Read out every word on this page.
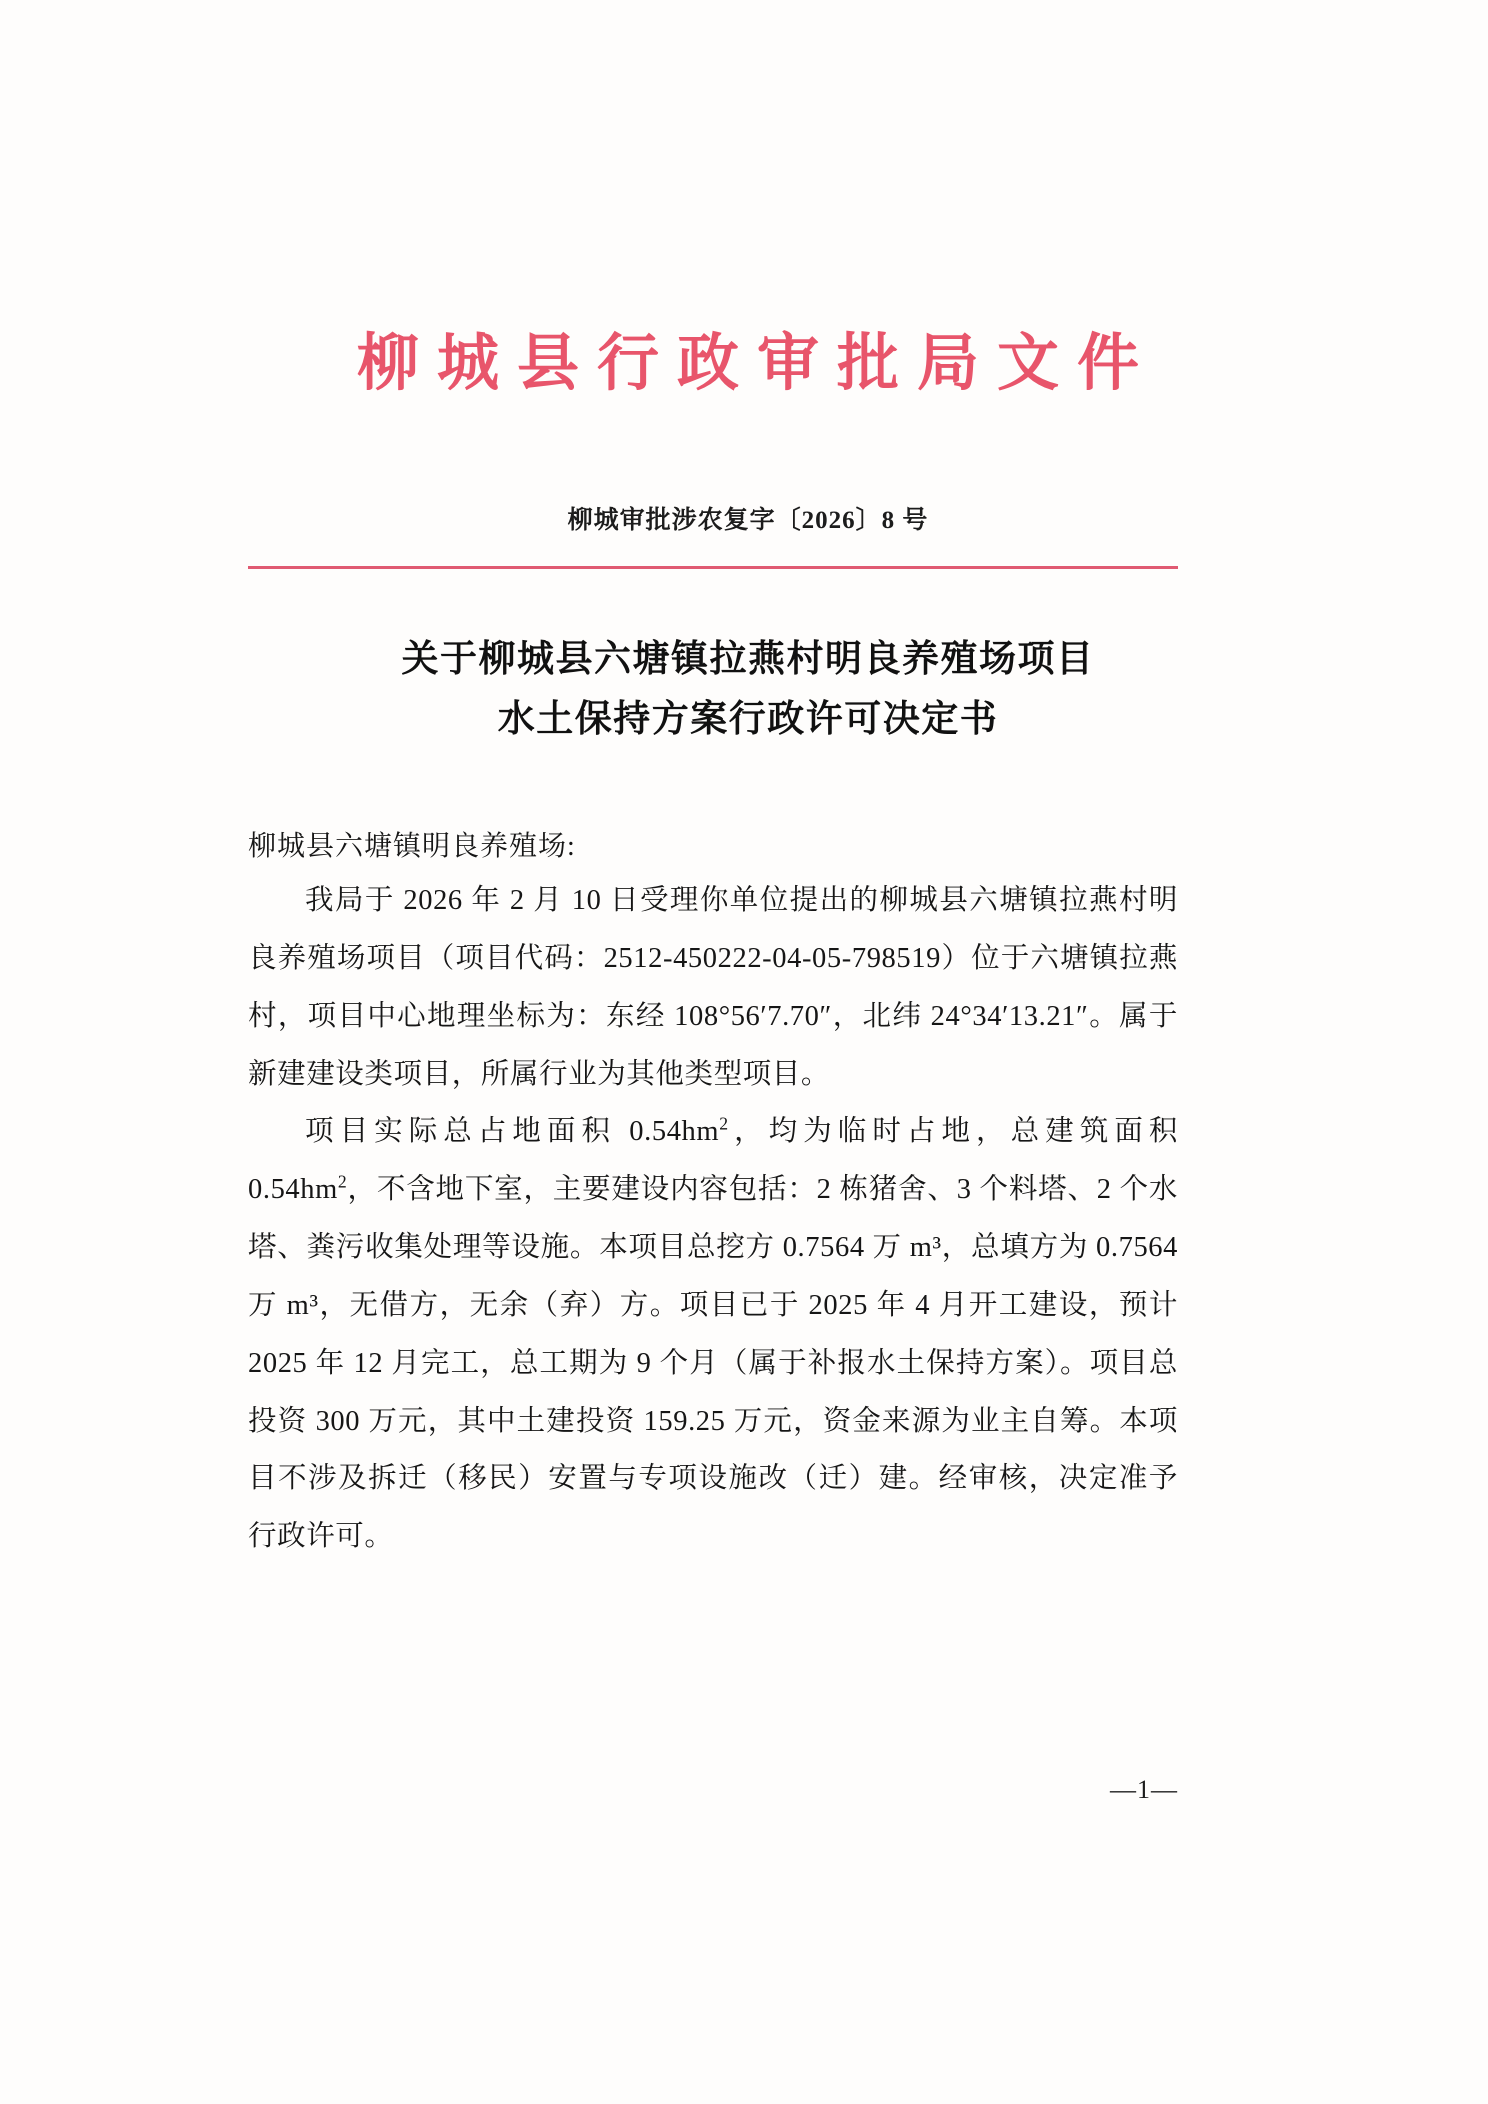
柳城县行政审批局文件
柳城审批涉农复字〔2026〕8 号
关于柳城县六塘镇拉燕村明良养殖场项目
水土保持方案行政许可决定书
柳城县六塘镇明良养殖场:

我局于 2026 年 2 月 10 日受理你单位提出的柳城县六塘镇拉燕村明良养殖场项目（项目代码：2512-450222-04-05-798519）位于六塘镇拉燕村，项目中心地理坐标为：东经 108°56′7.70″，北纬 24°34′13.21″。属于新建建设类项目，所属行业为其他类型项目。

项目实际总占地面积 $0.54hm^2$，均为临时占地，总建筑面积 $0.54hm^2$，不含地下室，主要建设内容包括：2 栋猪舍、3 个料塔、2 个水塔、粪污收集处理等设施。本项目总挖方 0.7564 万 m³，总填方为 0.7564 万 m³，无借方，无余（弃）方。项目已于 2025 年 4 月开工建设，预计 2025 年 12 月完工，总工期为 9 个月（属于补报水土保持方案）。项目总投资 300 万元，其中土建投资 159.25 万元，资金来源为业主自筹。本项目不涉及拆迁（移民）安置与专项设施改（迁）建。经审核，决定准予行政许可。

—1—
